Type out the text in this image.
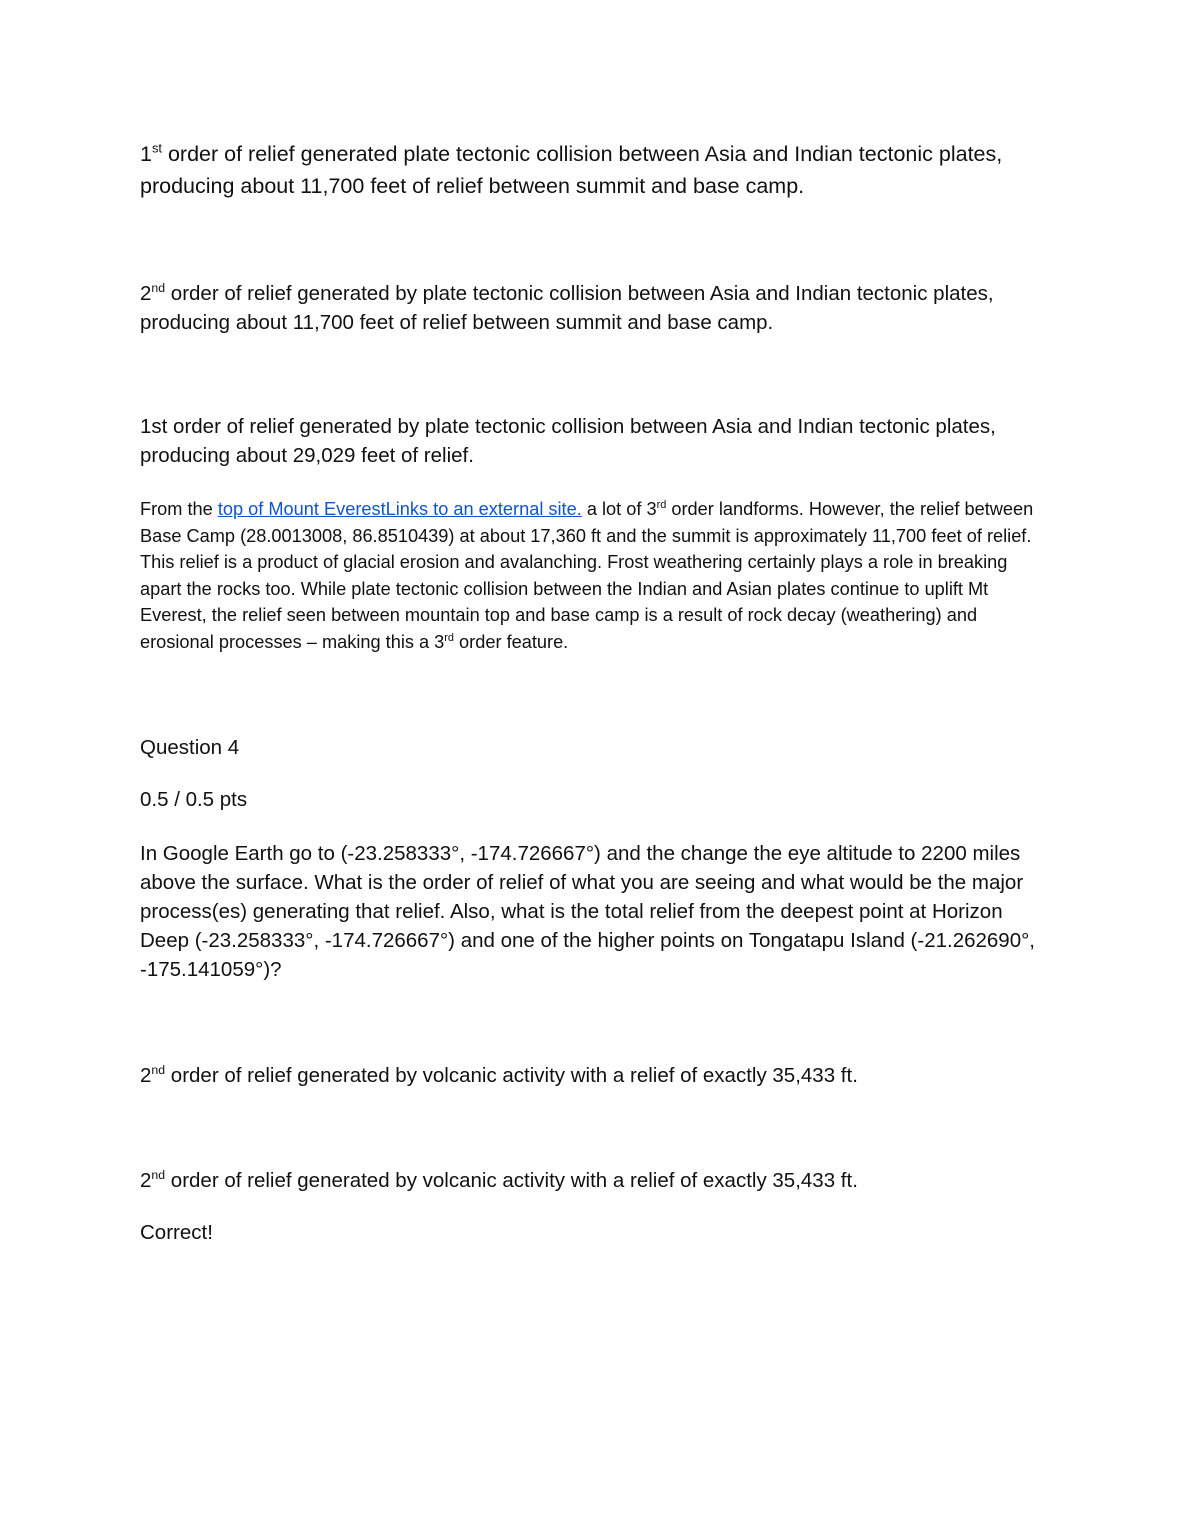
1st order of relief generated plate tectonic collision between Asia and Indian tectonic plates, producing about 11,700 feet of relief between summit and base camp.

2nd order of relief generated by plate tectonic collision between Asia and Indian tectonic plates, producing about 11,700 feet of relief between summit and base camp.

1st order of relief generated by plate tectonic collision between Asia and Indian tectonic plates, producing about 29,029 feet of relief.

From the top of Mount EverestLinks to an external site. a lot of 3rd order landforms. However, the relief between Base Camp (28.0013008, 86.8510439) at about 17,360 ft and the summit is approximately 11,700 feet of relief. This relief is a product of glacial erosion and avalanching. Frost weathering certainly plays a role in breaking apart the rocks too. While plate tectonic collision between the Indian and Asian plates continue to uplift Mt Everest, the relief seen between mountain top and base camp is a result of rock decay (weathering) and erosional processes – making this a 3rd order feature.

Question 4

0.5 / 0.5 pts

In Google Earth go to (-23.258333°, -174.726667°) and the change the eye altitude to 2200 miles above the surface. What is the order of relief of what you are seeing and what would be the major process(es) generating that relief. Also, what is the total relief from the deepest point at Horizon Deep (-23.258333°, -174.726667°) and one of the higher points on Tongatapu Island (-21.262690°, -175.141059°)?

2nd order of relief generated by volcanic activity with a relief of exactly 35,433 ft.

2nd order of relief generated by volcanic activity with a relief of exactly 35,433 ft.

Correct!
